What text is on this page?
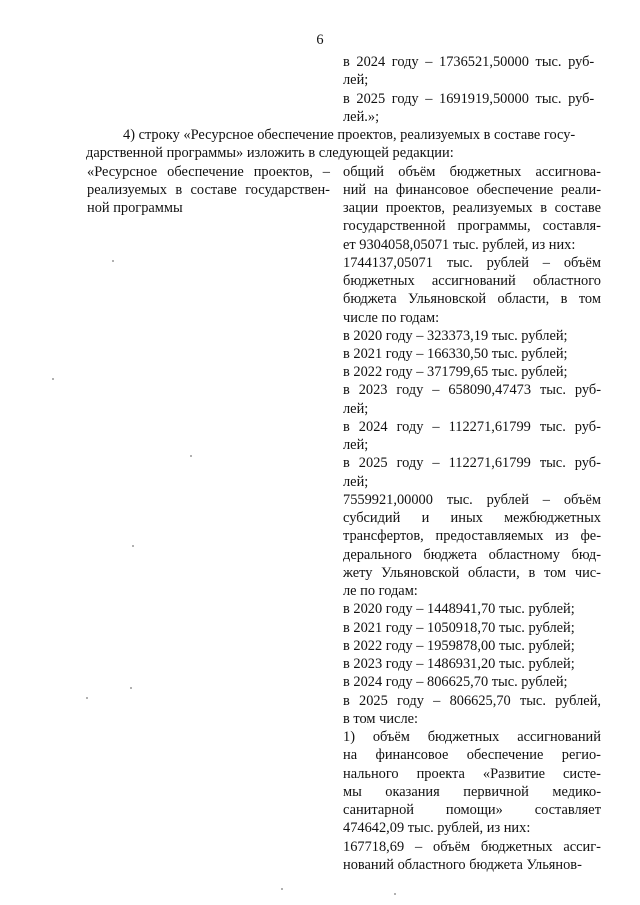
6
в 2024 году – 1736521,50000 тыс. руб-
лей;
в 2025 году – 1691919,50000 тыс. руб-
лей.»;
4) строку «Ресурсное обеспечение проектов, реализуемых в составе госу-
дарственной программы» изложить в следующей редакции:
«Ресурсное обеспечение проектов, –
реализуемых в составе государствен-
ной программы
общий объём бюджетных ассигнова-
ний на финансовое обеспечение реали-
зации проектов, реализуемых в составе
государственной программы, составля-
ет 9304058,05071 тыс. рублей, из них:
1744137,05071 тыс. рублей – объём
бюджетных ассигнований областного
бюджета Ульяновской области, в том
числе по годам:
в 2020 году – 323373,19 тыс. рублей;
в 2021 году – 166330,50 тыс. рублей;
в 2022 году – 371799,65 тыс. рублей;
в 2023 году – 658090,47473 тыс. руб-
лей;
в 2024 году – 112271,61799 тыс. руб-
лей;
в 2025 году – 112271,61799 тыс. руб-
лей;
7559921,00000 тыс. рублей – объём
субсидий и иных межбюджетных
трансфертов, предоставляемых из фе-
дерального бюджета областному бюд-
жету Ульяновской области, в том чис-
ле по годам:
в 2020 году – 1448941,70 тыс. рублей;
в 2021 году – 1050918,70 тыс. рублей;
в 2022 году – 1959878,00 тыс. рублей;
в 2023 году – 1486931,20 тыс. рублей;
в 2024 году – 806625,70 тыс. рублей;
в 2025 году – 806625,70 тыс. рублей,
в том числе:
1) объём бюджетных ассигнований
на финансовое обеспечение регио-
нального проекта «Развитие систе-
мы оказания первичной медико-
санитарной помощи» составляет
474642,09 тыс. рублей, из них:
167718,69 – объём бюджетных ассиг-
нований областного бюджета Ульянов-
